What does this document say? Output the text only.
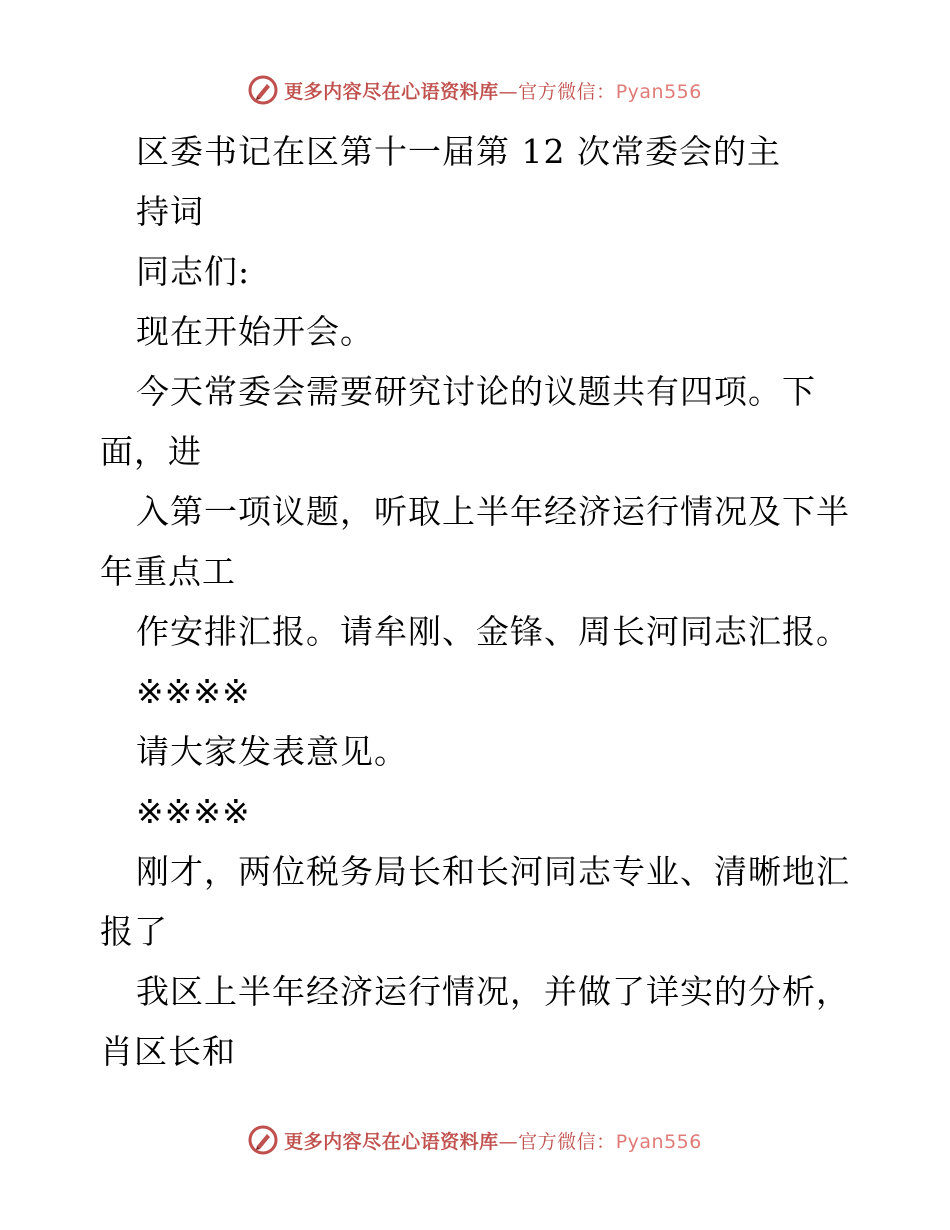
更多内容尽在心语资料库—官方微信：Pyan556
区委书记在区第十一届第 12 次常委会的主
持词
同志们:
现在开始开会。
今天常委会需要研究讨论的议题共有四项。下
面，进
入第一项议题，听取上半年经济运行情况及下半
年重点工
作安排汇报。请牟刚、金锋、周长河同志汇报。
※※※※
请大家发表意见。
※※※※
刚才，两位税务局长和长河同志专业、清晰地汇
报了
我区上半年经济运行情况，并做了详实的分析，
肖区长和
更多内容尽在心语资料库—官方微信：Pyan556
